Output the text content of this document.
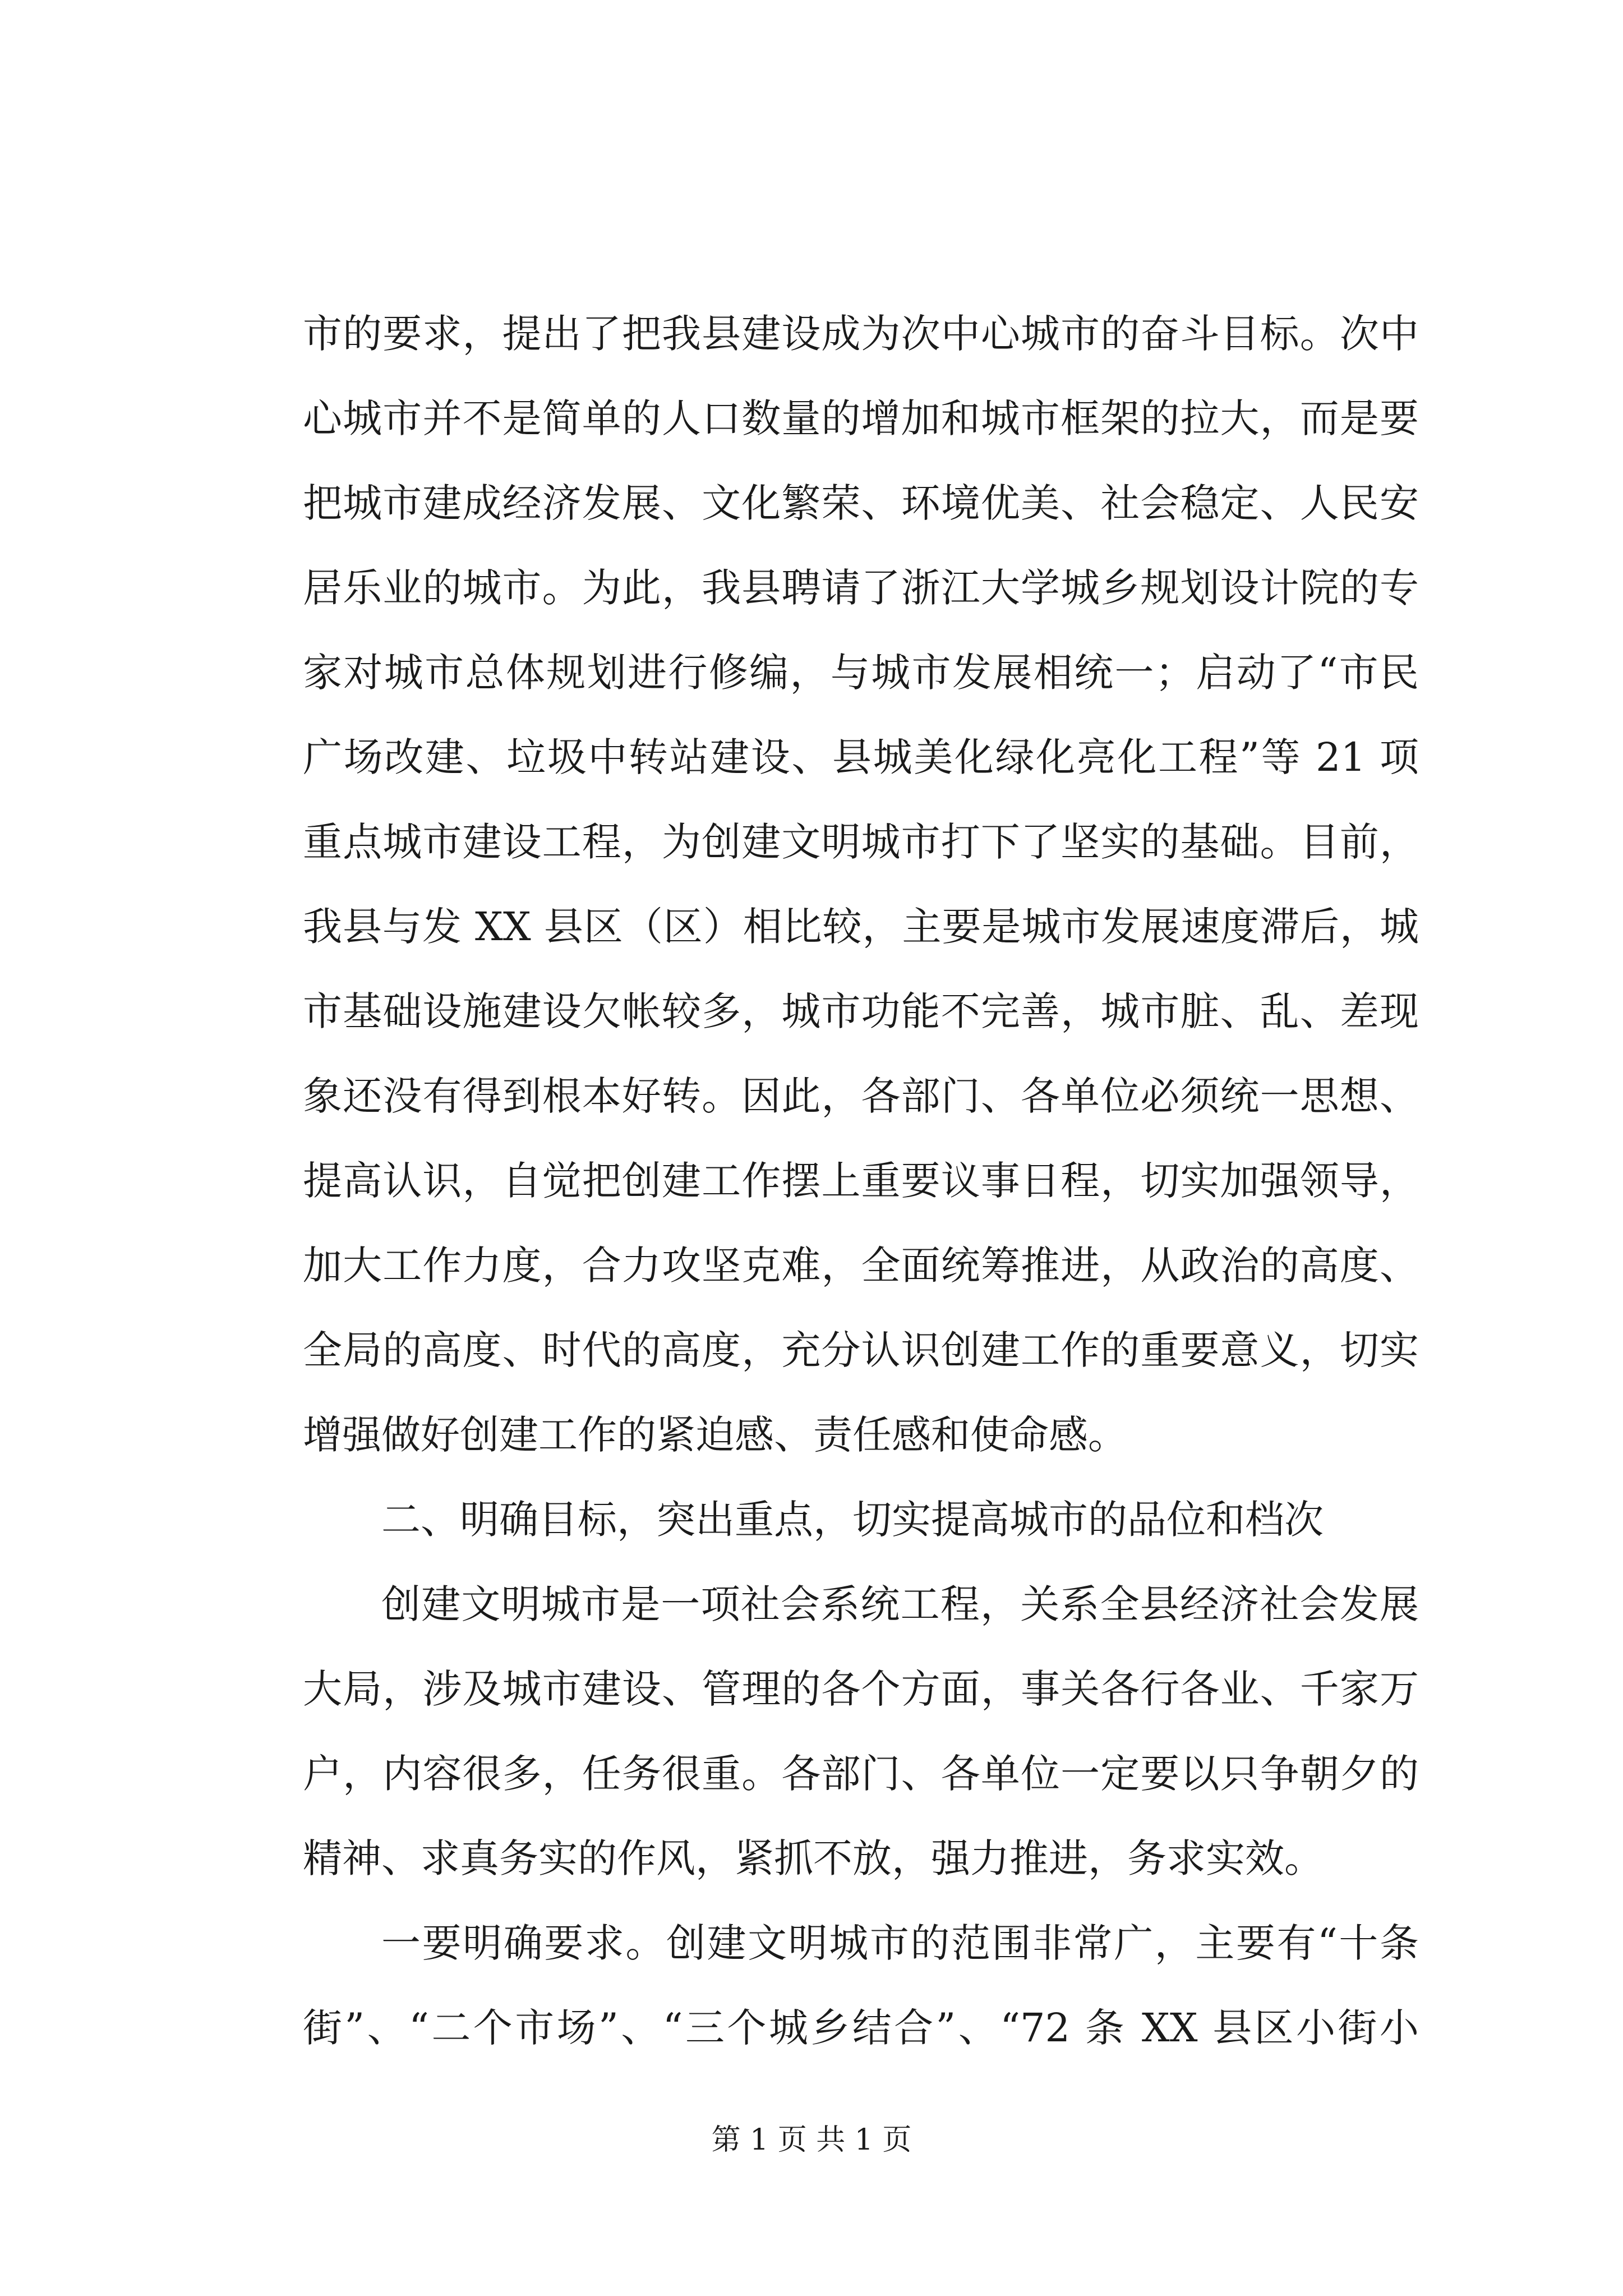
市的要求，提出了把我县建设成为次中心城市的奋斗目标。次中
心城市并不是简单的人口数量的增加和城市框架的拉大，而是要
把城市建成经济发展、文化繁荣、环境优美、社会稳定、人民安
居乐业的城市。为此，我县聘请了浙江大学城乡规划设计院的专
家对城市总体规划进行修编，与城市发展相统一；启动了“市民
广场改建、垃圾中转站建设、县城美化绿化亮化工程”等 21 项
重点城市建设工程，为创建文明城市打下了坚实的基础。目前，
我县与发 XX 县区（区）相比较，主要是城市发展速度滞后，城
市基础设施建设欠帐较多，城市功能不完善，城市脏、乱、差现
象还没有得到根本好转。因此，各部门、各单位必须统一思想、
提高认识，自觉把创建工作摆上重要议事日程，切实加强领导，
加大工作力度，合力攻坚克难，全面统筹推进，从政治的高度、
全局的高度、时代的高度，充分认识创建工作的重要意义，切实
增强做好创建工作的紧迫感、责任感和使命感。
二、明确目标，突出重点，切实提高城市的品位和档次
创建文明城市是一项社会系统工程，关系全县经济社会发展
大局，涉及城市建设、管理的各个方面，事关各行各业、千家万
户，内容很多，任务很重。各部门、各单位一定要以只争朝夕的
精神、求真务实的作风，紧抓不放，强力推进，务求实效。
一要明确要求。创建文明城市的范围非常广，主要有“十条
街”、“二个市场”、“三个城乡结合”、“72 条 XX 县区小街小
第 1 页 共 1 页
